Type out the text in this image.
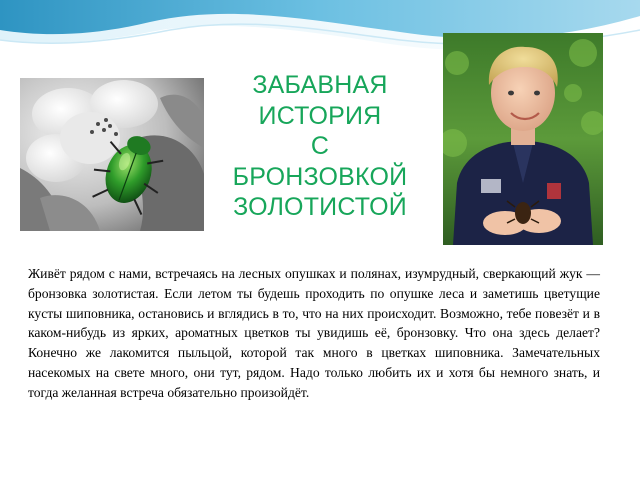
ЗАБАВНАЯ
ИСТОРИЯ
С
БРОНЗОВКОЙ
ЗОЛОТИСТОЙ

Живёт рядом с нами, встречаясь на лесных опушках и полянах, изумрудный, сверкающий жук — бронзовка золотистая. Если летом ты будешь проходить по опушке леса и заметишь цветущие кусты шиповника, остановись и вглядись в то, что на них происходит. Возможно, тебе повезёт и в каком-нибудь из ярких, ароматных цветков ты увидишь её, бронзовку. Что она здесь делает? Конечно же лакомится пыльцой, которой так много в цветках шиповника. Замечательных насекомых на свете много, они тут, рядом. Надо только любить их и хотя бы немного знать, и тогда желанная встреча обязательно произойдёт.
